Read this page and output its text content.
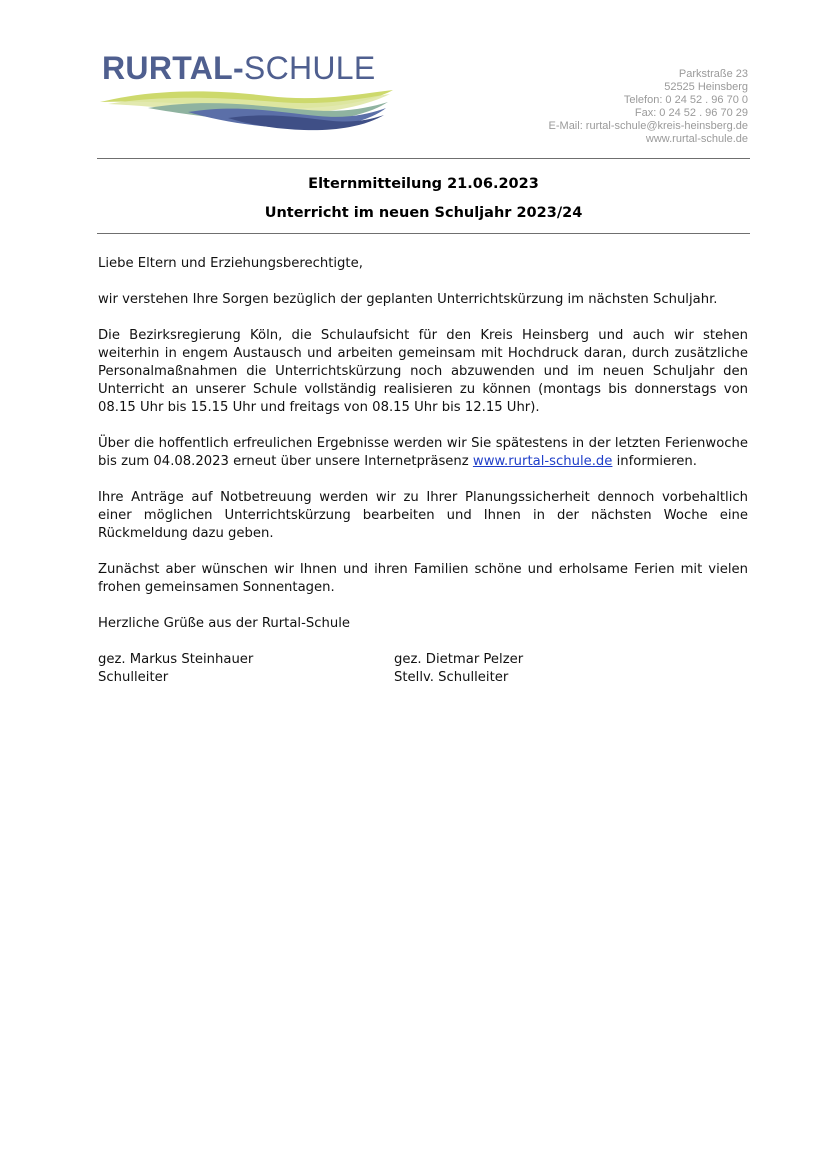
RURTAL-SCHULE	Parkstraße 23
52525 Heinsberg
Telefon: 0 24 52 . 96 70 0
Fax: 0 24 52 . 96 70 29
E-Mail: rurtal-schule@kreis-heinsberg.de
www.rurtal-schule.de
Elternmitteilung 21.06.2023
Unterricht im neuen Schuljahr 2023/24

Liebe Eltern und Erziehungsberechtigte,

wir verstehen Ihre Sorgen bezüglich der geplanten Unterrichtskürzung im nächsten Schuljahr.

Die Bezirksregierung Köln, die Schulaufsicht für den Kreis Heinsberg und auch wir stehen weiterhin in engem Austausch und arbeiten gemeinsam mit Hochdruck daran, durch zusätzliche Personalmaßnahmen die Unterrichtskürzung noch abzuwenden und im neuen Schuljahr den Unterricht an unserer Schule vollständig realisieren zu können (montags bis donnerstags von 08.15 Uhr bis 15.15 Uhr und freitags von 08.15 Uhr bis 12.15 Uhr).

Über die hoffentlich erfreulichen Ergebnisse werden wir Sie spätestens in der letzten Ferienwoche bis zum 04.08.2023 erneut über unsere Internetpräsenz www.rurtal-schule.de informieren.

Ihre Anträge auf Notbetreuung werden wir zu Ihrer Planungssicherheit dennoch vorbehaltlich einer möglichen Unterrichtskürzung bearbeiten und Ihnen in der nächsten Woche eine Rückmeldung dazu geben.

Zunächst aber wünschen wir Ihnen und ihren Familien schöne und erholsame Ferien mit vielen frohen gemeinsamen Sonnentagen.

Herzliche Grüße aus der Rurtal-Schule

gez. Markus Steinhauer
Schulleiter
gez. Dietmar Pelzer
Stellv. Schulleiter
